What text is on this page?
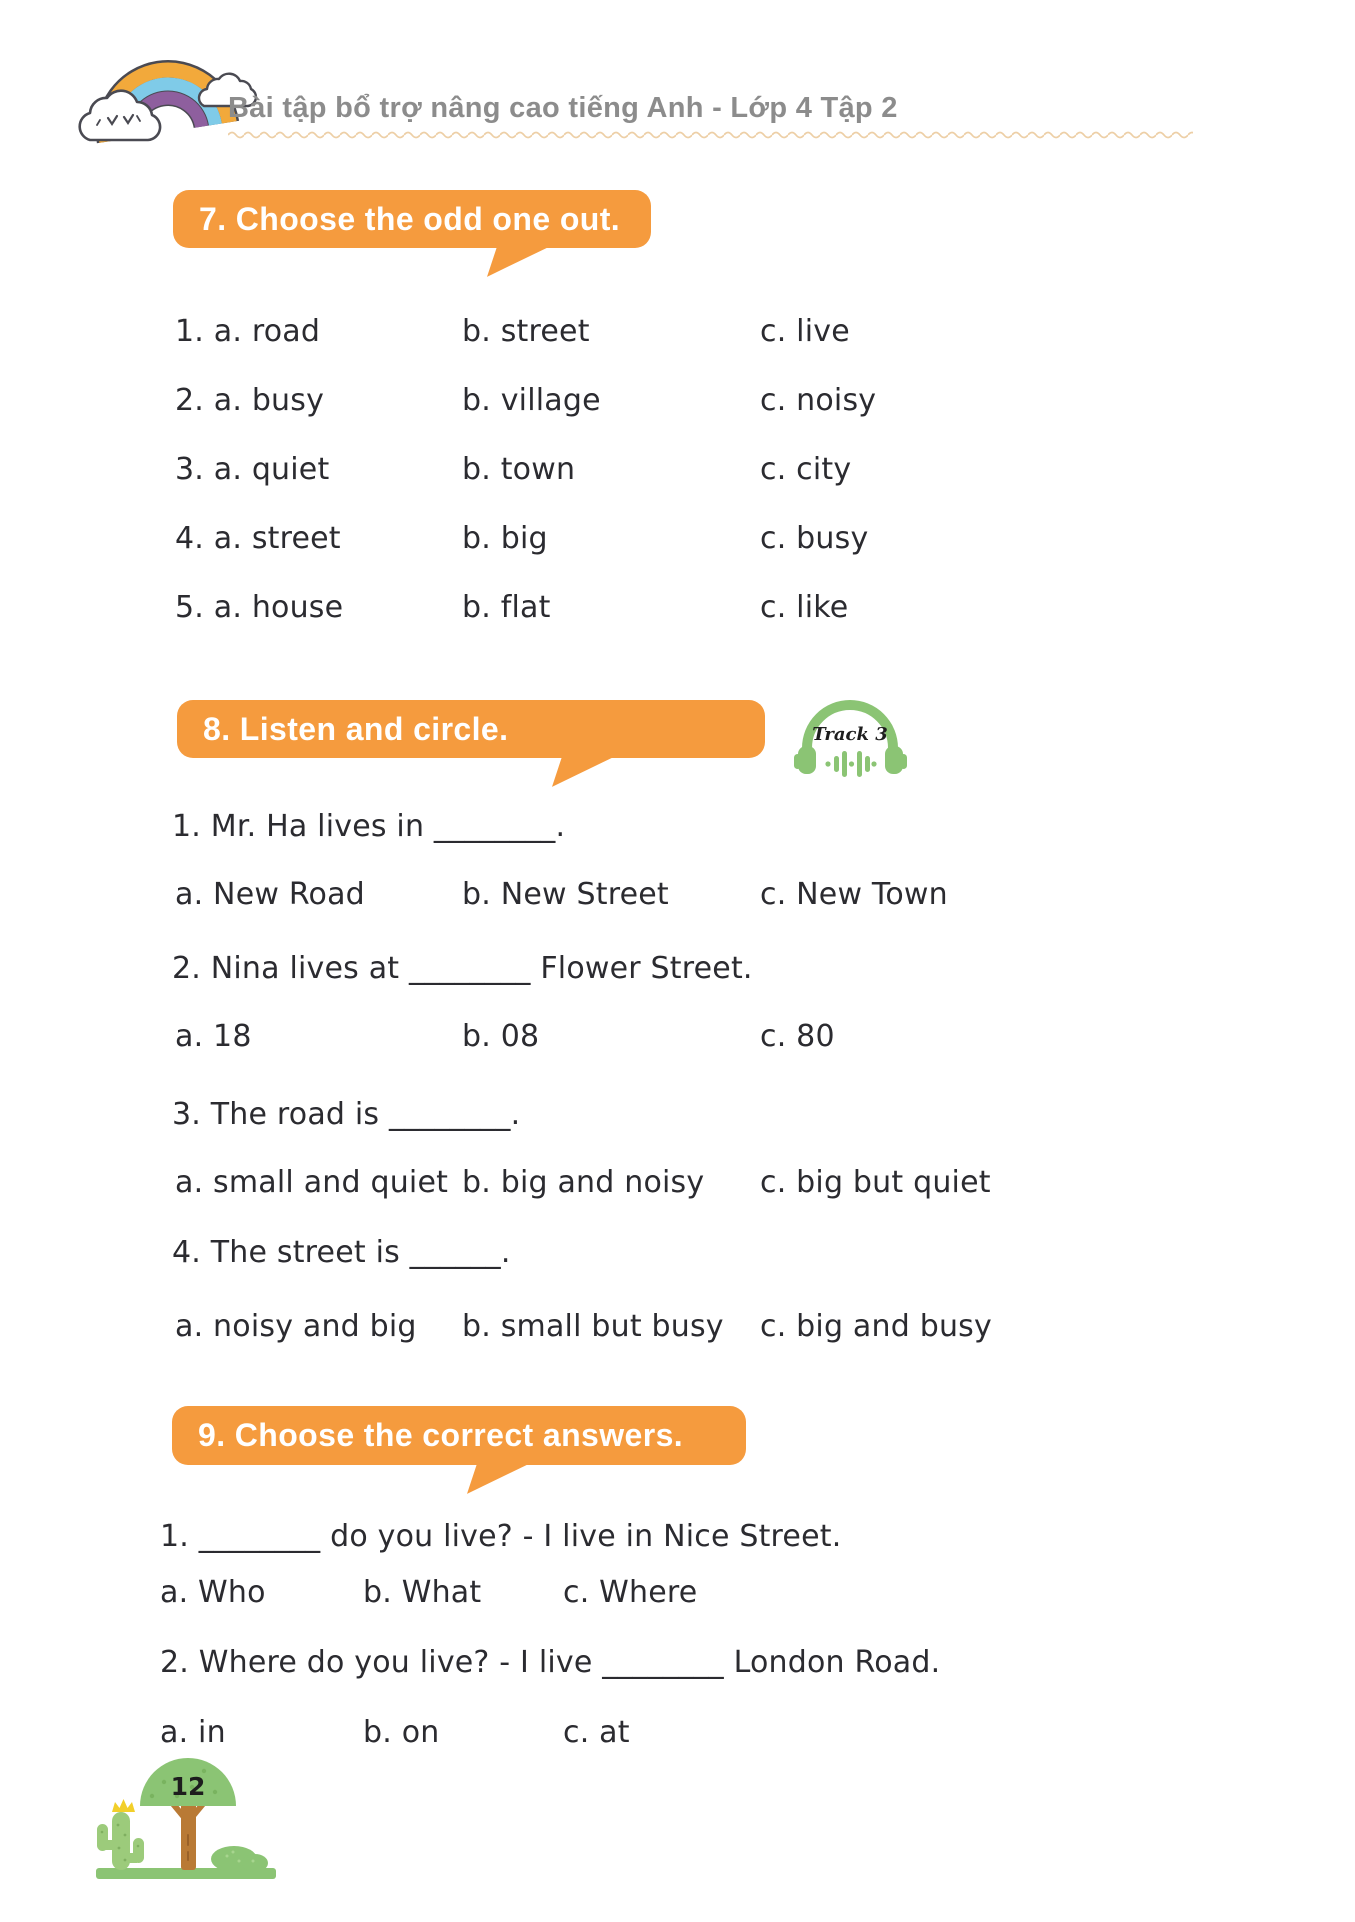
Bài tập bổ trợ nâng cao tiếng Anh - Lớp 4 Tập 2
7. Choose the odd one out.
1. a. road	b. street	c. live
2. a. busy	b. village	c. noisy
3. a. quiet	b. town	c. city
4. a. street	b. big	c. busy
5. a. house	b. flat	c. like
8. Listen and circle.	Track 3
1. Mr. Ha lives in ________.
a. New Road	b. New Street	c. New Town
2. Nina lives at ________ Flower Street.
a. 18	b. 08	c. 80
3. The road is ________.
a. small and quiet b. big and noisy c. big but quiet
4. The street is ______.
a. noisy and big b. small but busy c. big and busy
9. Choose the correct answers.
1. ________ do you live? - I live in Nice Street.
a. Who	b. What	c. Where
2. Where do you live? - I live ________ London Road.
a. in	b. on	c. at
12
